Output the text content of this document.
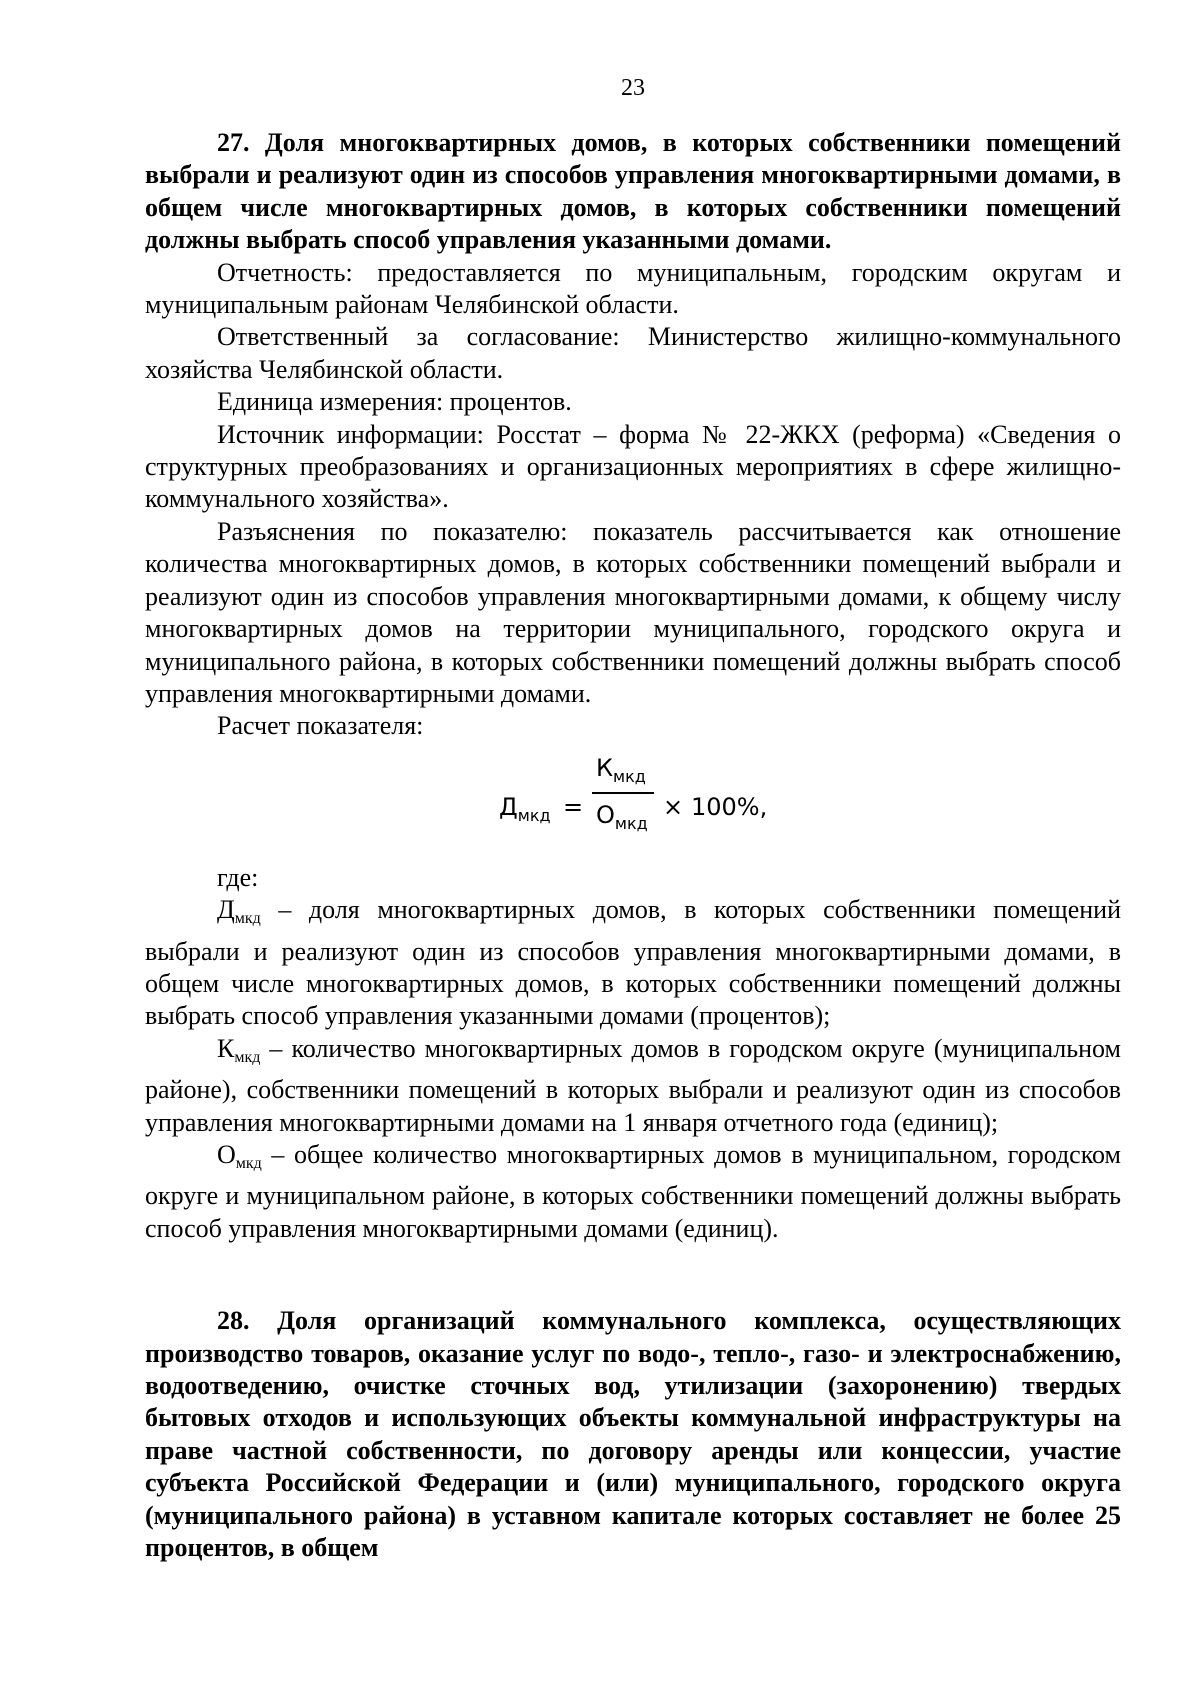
23

27. Доля многоквартирных домов, в которых собственники помещений выбрали и реализуют один из способов управления многоквартирными домами, в общем числе многоквартирных домов, в которых собственники помещений должны выбрать способ управления указанными домами.

Отчетность: предоставляется по муниципальным, городским округам и муниципальным районам Челябинской области.

Ответственный за согласование: Министерство жилищно-коммунального хозяйства Челябинской области.

Единица измерения: процентов.

Источник информации: Росстат – форма № 22-ЖКХ (реформа) «Сведения о структурных преобразованиях и организационных мероприятиях в сфере жилищно-коммунального хозяйства».

Разъяснения по показателю: показатель рассчитывается как отношение количества многоквартирных домов, в которых собственники помещений выбрали и реализуют один из способов управления многоквартирными домами, к общему числу многоквартирных домов на территории муниципального, городского округа и муниципального района, в которых собственники помещений должны выбрать способ управления многоквартирными домами.

Расчет показателя:

$Д_{мкд}$ =
$К_{мкд}$
$О_{мкд}$
× 100%,

где:

$Д_{мкд}$ – доля многоквартирных домов, в которых собственники помещений выбрали и реализуют один из способов управления многоквартирными домами, в общем числе многоквартирных домов, в которых собственники помещений должны выбрать способ управления указанными домами (процентов);

$К_{мкд}$ – количество многоквартирных домов в городском округе (муниципальном районе), собственники помещений в которых выбрали и реализуют один из способов управления многоквартирными домами на 1 января отчетного года (единиц);

$О_{мкд}$ – общее количество многоквартирных домов в муниципальном, городском округе и муниципальном районе, в которых собственники помещений должны выбрать способ управления многоквартирными домами (единиц).

28. Доля организаций коммунального комплекса, осуществляющих производство товаров, оказание услуг по водо-, тепло-, газо- и электроснабжению, водоотведению, очистке сточных вод, утилизации (захоронению) твердых бытовых отходов и использующих объекты коммунальной инфраструктуры на праве частной собственности, по договору аренды или концессии, участие субъекта Российской Федерации и (или) муниципального, городского округа (муниципального района) в уставном капитале которых составляет не более 25 процентов, в общем
